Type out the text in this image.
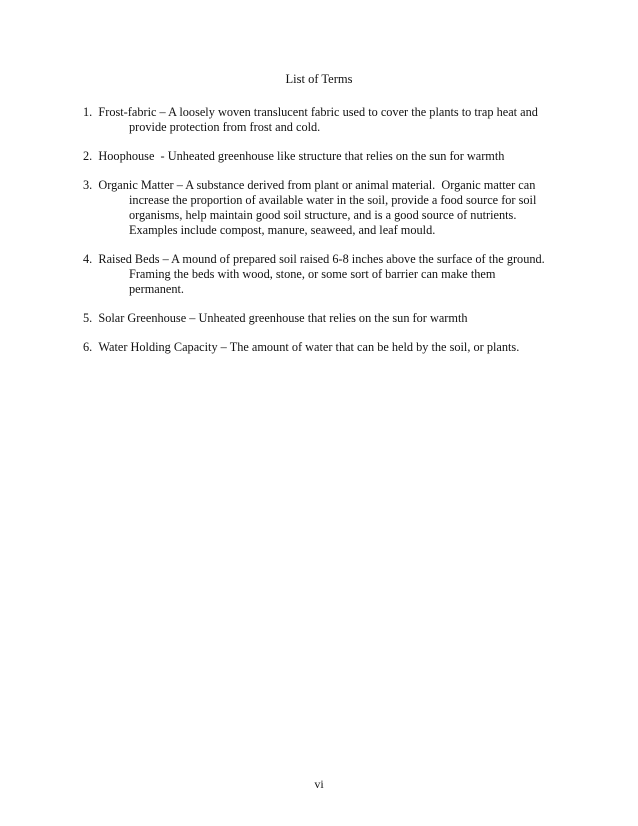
List of Terms
1. Frost-fabric – A loosely woven translucent fabric used to cover the plants to trap heat and provide protection from frost and cold.
2. Hoophouse  - Unheated greenhouse like structure that relies on the sun for warmth
3. Organic Matter – A substance derived from plant or animal material.  Organic matter can increase the proportion of available water in the soil, provide a food source for soil organisms, help maintain good soil structure, and is a good source of nutrients.  Examples include compost, manure, seaweed, and leaf mould.
4. Raised Beds – A mound of prepared soil raised 6-8 inches above the surface of the ground.  Framing the beds with wood, stone, or some sort of barrier can make them permanent.
5. Solar Greenhouse – Unheated greenhouse that relies on the sun for warmth
6. Water Holding Capacity – The amount of water that can be held by the soil, or plants.
vi
